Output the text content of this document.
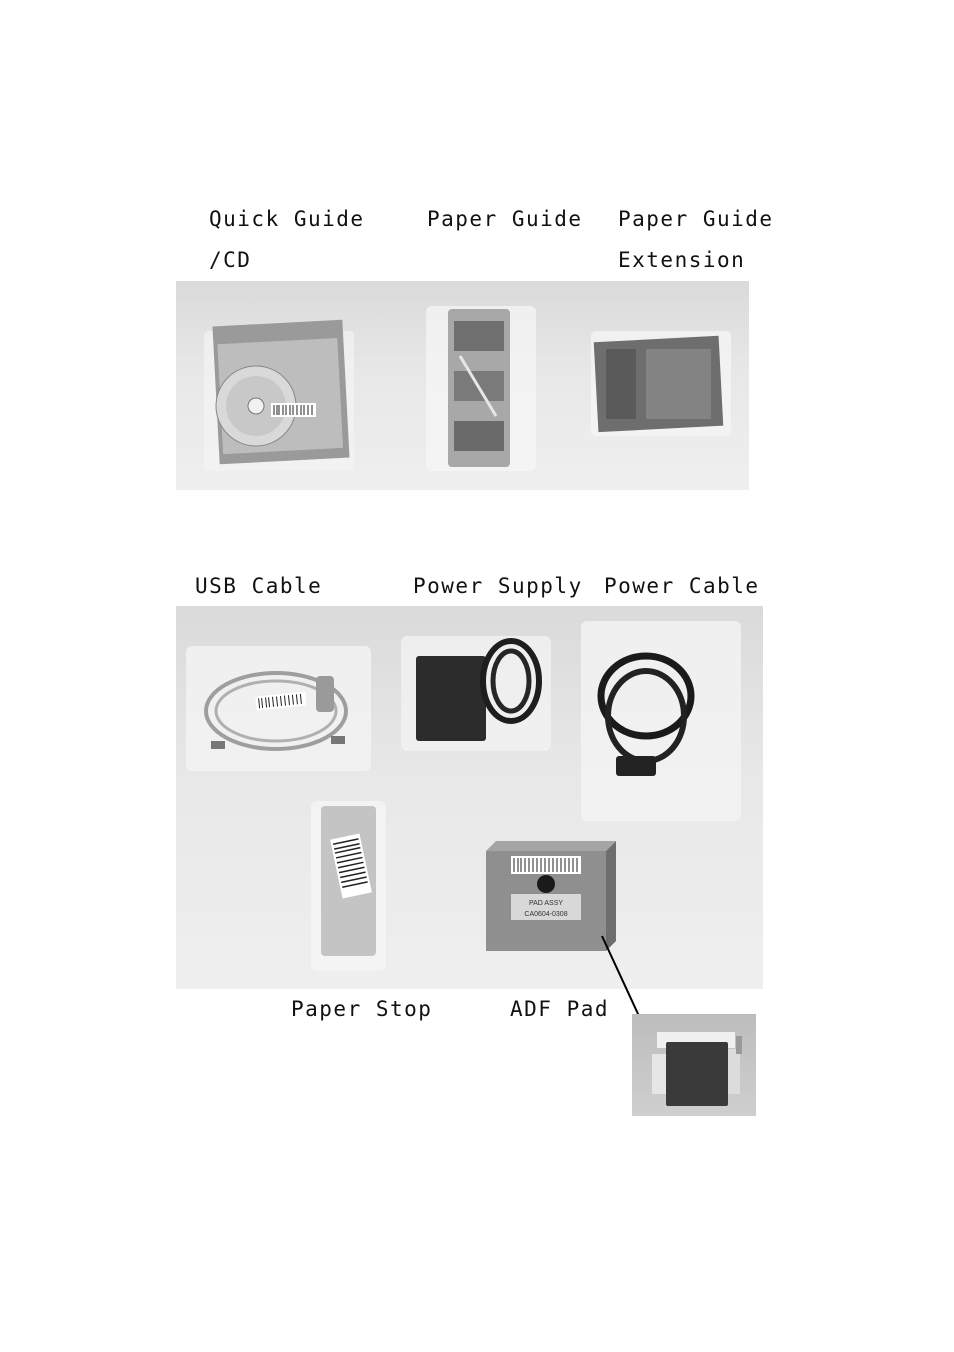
Quick Guide
/CD
Paper Guide Paper Guide
Extension
USB Cable	Power Supply Power Cable
PAD ASSY
CA0604-0308
Paper Stop	ADF Pad
